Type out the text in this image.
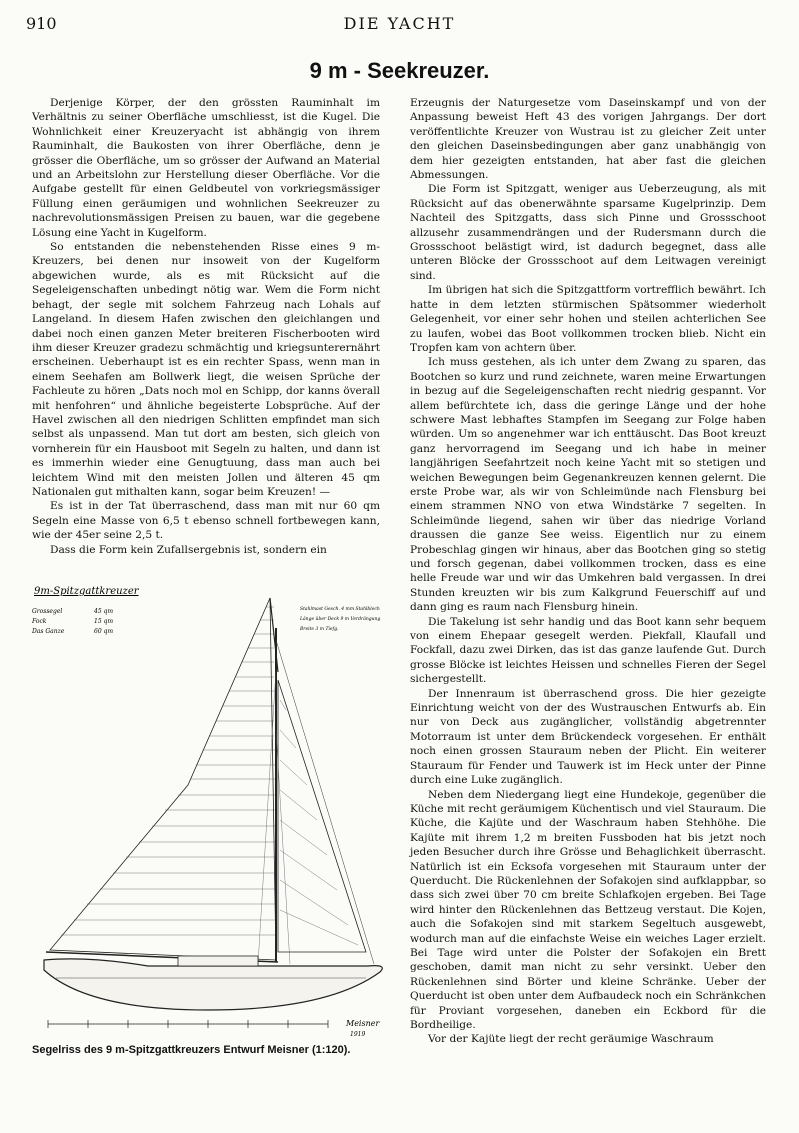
910	DIE YACHT
9 m - Seekreuzer.

Derjenige Körper, der den grössten Rauminhalt im Verhältnis zu seiner Oberfläche umschliesst, ist die Kugel. Die Wohnlichkeit einer Kreuzeryacht ist abhängig von ihrem Rauminhalt, die Baukosten von ihrer Oberfläche, denn je grösser die Oberfläche, um so grösser der Aufwand an Material und an Arbeitslohn zur Herstellung dieser Oberfläche. Vor die Aufgabe gestellt für einen Geldbeutel von vorkriegsmässiger Füllung einen geräumigen und wohnlichen Seekreuzer zu nachrevolutionsmässigen Preisen zu bauen, war die gegebene Lösung eine Yacht in Kugelform.

So entstanden die nebenstehenden Risse eines 9 m-Kreuzers, bei denen nur insoweit von der Kugelform abgewichen wurde, als es mit Rücksicht auf die Segeleigenschaften unbedingt nötig war. Wem die Form nicht behagt, der segle mit solchem Fahrzeug nach Lohals auf Langeland. In diesem Hafen zwischen den gleichlangen und dabei noch einen ganzen Meter breiteren Fischerbooten wird ihm dieser Kreuzer gradezu schmächtig und kriegsunterernährt erscheinen. Ueberhaupt ist es ein rechter Spass, wenn man in einem Seehafen am Bollwerk liegt, die weisen Sprüche der Fachleute zu hören „Dats noch mol en Schipp, dor kanns överall mit henfohren“ und ähnliche begeisterte Lobsprüche. Auf der Havel zwischen all den niedrigen Schlitten empfindet man sich selbst als unpassend. Man tut dort am besten, sich gleich von vornherein für ein Hausboot mit Segeln zu halten, und dann ist es immerhin wieder eine Genugtuung, dass man auch bei leichtem Wind mit den meisten Jollen und älteren 45 qm Nationalen gut mithalten kann, sogar beim Kreuzen! —

Es ist in der Tat überraschend, dass man mit nur 60 qm Segeln eine Masse von 6,5 t ebenso schnell fortbewegen kann, wie der 45er seine 2,5 t.

Dass die Form kein Zufallsergebnis ist, sondern ein

9m-Spitzgattkreuzer
Grossegel	45 qm
Fock	15 qm
Das Ganze	60 qm
Stahlmast Gesch. 4 mm Stahlblech
Länge über Deck 9 m Verdrängung
Breite 3 m Tiefg.
Meisner
1919
Segelriss des 9 m-Spitzgattkreuzers Entwurf Meisner (1:120).

Erzeugnis der Naturgesetze vom Daseinskampf und von der Anpassung beweist Heft 43 des vorigen Jahrgangs. Der dort veröffentlichte Kreuzer von Wustrau ist zu gleicher Zeit unter den gleichen Daseinsbedingungen aber ganz unabhängig von dem hier gezeigten entstanden, hat aber fast die gleichen Abmessungen.

Die Form ist Spitzgatt, weniger aus Ueberzeugung, als mit Rücksicht auf das obenerwähnte sparsame Kugelprinzip. Dem Nachteil des Spitzgatts, dass sich Pinne und Grossschoot allzusehr zusammendrängen und der Rudersmann durch die Grossschoot belästigt wird, ist dadurch begegnet, dass alle unteren Blöcke der Grossschoot auf dem Leitwagen vereinigt sind.

Im übrigen hat sich die Spitzgattform vortrefflich bewährt. Ich hatte in dem letzten stürmischen Spätsommer wiederholt Gelegenheit, vor einer sehr hohen und steilen achterlichen See zu laufen, wobei das Boot vollkommen trocken blieb. Nicht ein Tropfen kam von achtern über.

Ich muss gestehen, als ich unter dem Zwang zu sparen, das Bootchen so kurz und rund zeichnete, waren meine Erwartungen in bezug auf die Segeleigenschaften recht niedrig gespannt. Vor allem befürchtete ich, dass die geringe Länge und der hohe schwere Mast lebhaftes Stampfen im Seegang zur Folge haben würden. Um so angenehmer war ich enttäuscht. Das Boot kreuzt ganz hervorragend im Seegang und ich habe in meiner langjährigen Seefahrtzeit noch keine Yacht mit so stetigen und weichen Bewegungen beim Gegenankreuzen kennen gelernt. Die erste Probe war, als wir von Schleimünde nach Flensburg bei einem strammen NNO von etwa Windstärke 7 segelten. In Schleimünde liegend, sahen wir über das niedrige Vorland draussen die ganze See weiss. Eigentlich nur zu einem Probeschlag gingen wir hinaus, aber das Bootchen ging so stetig und forsch gegenan, dabei vollkommen trocken, dass es eine helle Freude war und wir das Umkehren bald vergassen. In drei Stunden kreuzten wir bis zum Kalkgrund Feuerschiff auf und dann ging es raum nach Flensburg hinein.

Die Takelung ist sehr handig und das Boot kann sehr bequem von einem Ehepaar gesegelt werden. Piekfall, Klaufall und Fockfall, dazu zwei Dirken, das ist das ganze laufende Gut. Durch grosse Blöcke ist leichtes Heissen und schnelles Fieren der Segel sichergestellt.

Der Innenraum ist überraschend gross. Die hier gezeigte Einrichtung weicht von der des Wustrauschen Entwurfs ab. Ein nur von Deck aus zugänglicher, vollständig abgetrennter Motorraum ist unter dem Brückendeck vorgesehen. Er enthält noch einen grossen Stauraum neben der Plicht. Ein weiterer Stauraum für Fender und Tauwerk ist im Heck unter der Pinne durch eine Luke zugänglich.

Neben dem Niedergang liegt eine Hundekoje, gegenüber die Küche mit recht geräumigem Küchentisch und viel Stauraum. Die Küche, die Kajüte und der Waschraum haben Stehhöhe. Die Kajüte mit ihrem 1,2 m breiten Fussboden hat bis jetzt noch jeden Besucher durch ihre Grösse und Behaglichkeit überrascht. Natürlich ist ein Ecksofa vorgesehen mit Stauraum unter der Querducht. Die Rückenlehnen der Sofakojen sind aufklappbar, so dass sich zwei über 70 cm breite Schlafkojen ergeben. Bei Tage wird hinter den Rückenlehnen das Bettzeug verstaut. Die Kojen, auch die Sofakojen sind mit starkem Segeltuch ausgewebt, wodurch man auf die einfachste Weise ein weiches Lager erzielt. Bei Tage wird unter die Polster der Sofakojen ein Brett geschoben, damit man nicht zu sehr versinkt. Ueber den Rückenlehnen sind Börter und kleine Schränke. Ueber der Querducht ist oben unter dem Aufbaudeck noch ein Schränkchen für Proviant vorgesehen, daneben ein Eckbord für die Bordheilige.

Vor der Kajüte liegt der recht geräumige Waschraum
